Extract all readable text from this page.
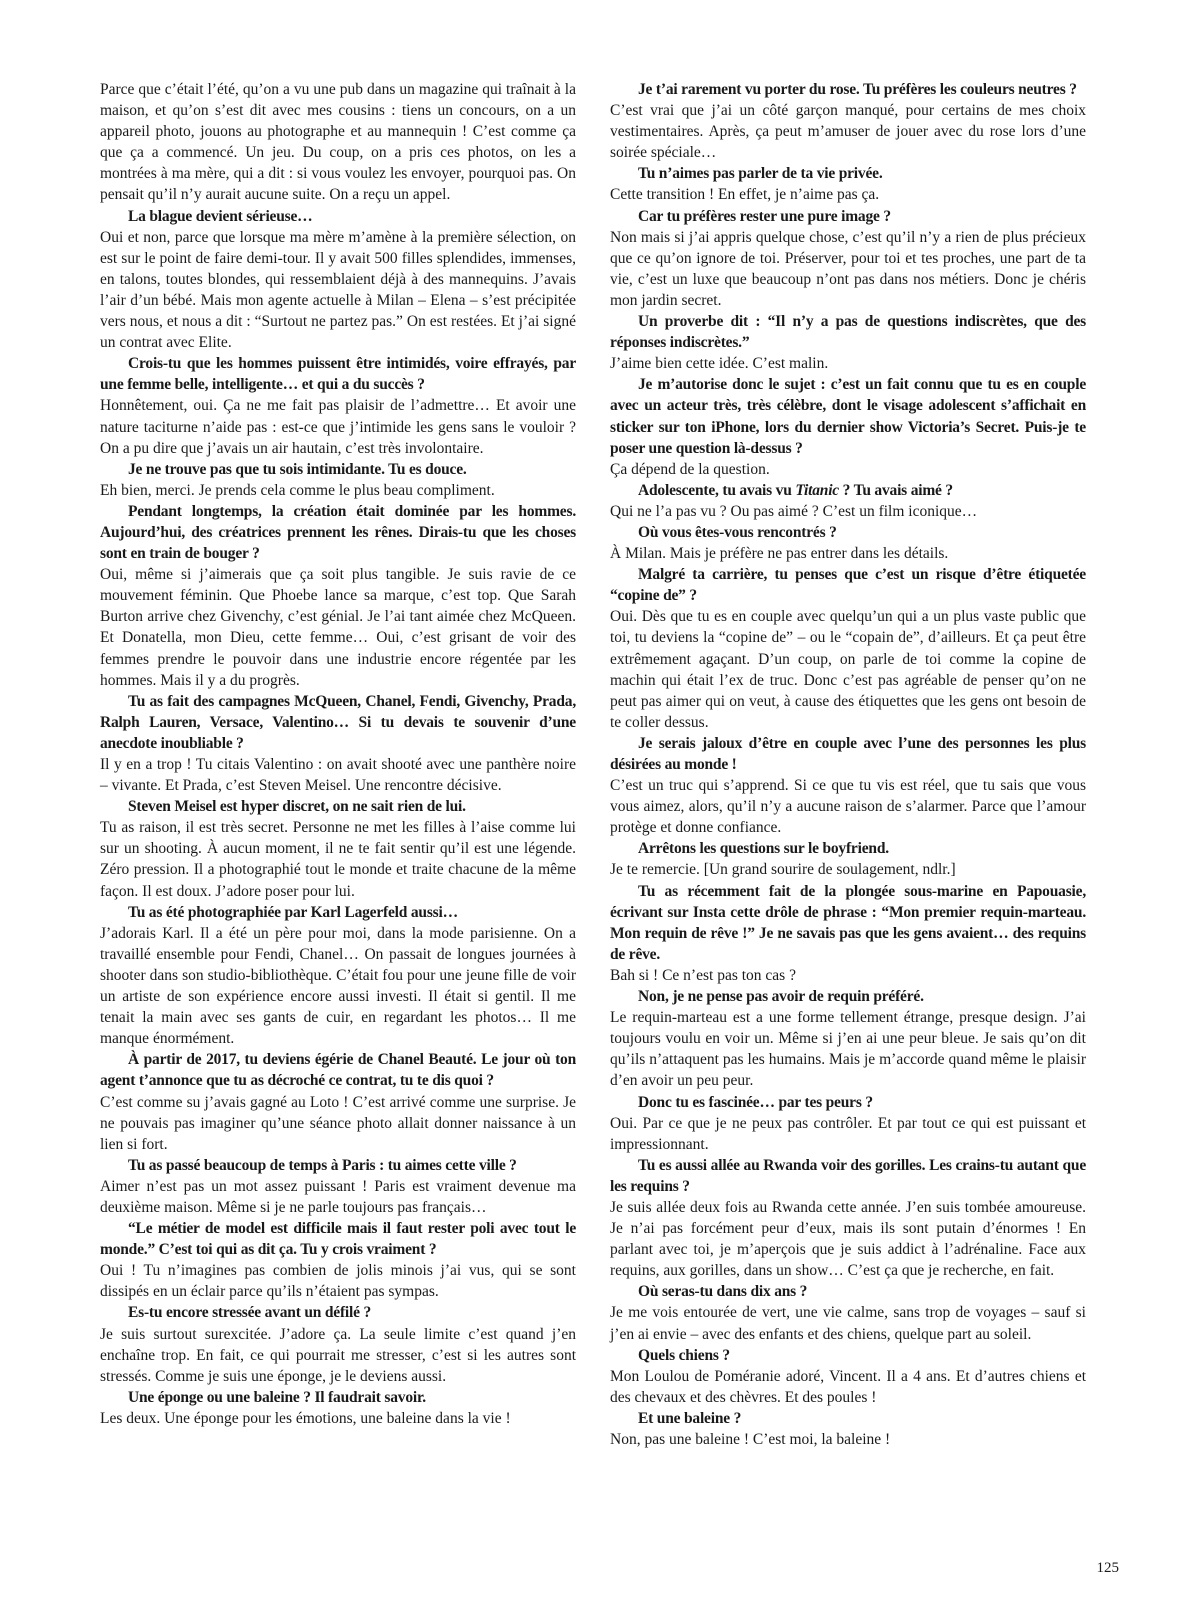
Parce que c’était l’été, qu’on a vu une pub dans un magazine qui traînait à la maison, et qu’on s’est dit avec mes cousins : tiens un concours, on a un appareil photo, jouons au photographe et au mannequin ! C’est comme ça que ça a commencé. Un jeu. Du coup, on a pris ces photos, on les a montrées à ma mère, qui a dit : si vous voulez les envoyer, pourquoi pas. On pensait qu’il n’y aurait aucune suite. On a reçu un appel.

La blague devient sérieuse…

Oui et non, parce que lorsque ma mère m’amène à la première sélection, on est sur le point de faire demi-tour. Il y avait 500 filles splendides, immenses, en talons, toutes blondes, qui ressemblaient déjà à des mannequins. J’avais l’air d’un bébé. Mais mon agente actuelle à Milan – Elena – s’est précipitée vers nous, et nous a dit : “Surtout ne partez pas.” On est restées. Et j’ai signé un contrat avec Elite.

Crois-tu que les hommes puissent être intimidés, voire effrayés, par une femme belle, intelligente… et qui a du succès ?

Honnêtement, oui. Ça ne me fait pas plaisir de l’admettre… Et avoir une nature taciturne n’aide pas : est-ce que j’intimide les gens sans le vouloir ? On a pu dire que j’avais un air hautain, c’est très involontaire.

Je ne trouve pas que tu sois intimidante. Tu es douce.

Eh bien, merci. Je prends cela comme le plus beau compliment.

Pendant longtemps, la création était dominée par les hommes. Aujourd’hui, des créatrices prennent les rênes. Dirais-tu que les choses sont en train de bouger ?

Oui, même si j’aimerais que ça soit plus tangible. Je suis ravie de ce mouvement féminin. Que Phoebe lance sa marque, c’est top. Que Sarah Burton arrive chez Givenchy, c’est génial. Je l’ai tant aimée chez McQueen. Et Donatella, mon Dieu, cette femme… Oui, c’est grisant de voir des femmes prendre le pouvoir dans une industrie encore régentée par les hommes. Mais il y a du progrès.

Tu as fait des campagnes McQueen, Chanel, Fendi, Givenchy, Prada, Ralph Lauren, Versace, Valentino… Si tu devais te souvenir d’une anecdote inoubliable ?

Il y en a trop ! Tu citais Valentino : on avait shooté avec une panthère noire – vivante. Et Prada, c’est Steven Meisel. Une rencontre décisive.

Steven Meisel est hyper discret, on ne sait rien de lui.

Tu as raison, il est très secret. Personne ne met les filles à l’aise comme lui sur un shooting. À aucun moment, il ne te fait sentir qu’il est une légende. Zéro pression. Il a photographié tout le monde et traite chacune de la même façon. Il est doux. J’adore poser pour lui.

Tu as été photographiée par Karl Lagerfeld aussi…

J’adorais Karl. Il a été un père pour moi, dans la mode parisienne. On a travaillé ensemble pour Fendi, Chanel… On passait de longues journées à shooter dans son studio-bibliothèque. C’était fou pour une jeune fille de voir un artiste de son expérience encore aussi investi. Il était si gentil. Il me tenait la main avec ses gants de cuir, en regardant les photos… Il me manque énormément.

À partir de 2017, tu deviens égérie de Chanel Beauté. Le jour où ton agent t’annonce que tu as décroché ce contrat, tu te dis quoi ?

C’est comme su j’avais gagné au Loto ! C’est arrivé comme une surprise. Je ne pouvais pas imaginer qu’une séance photo allait donner naissance à un lien si fort.

Tu as passé beaucoup de temps à Paris : tu aimes cette ville ?

Aimer n’est pas un mot assez puissant ! Paris est vraiment devenue ma deuxième maison. Même si je ne parle toujours pas français…

“Le métier de model est difficile mais il faut rester poli avec tout le monde.” C’est toi qui as dit ça. Tu y crois vraiment ?

Oui ! Tu n’imagines pas combien de jolis minois j’ai vus, qui se sont dissipés en un éclair parce qu’ils n’étaient pas sympas.

Es-tu encore stressée avant un défilé ?

Je suis surtout surexcitée. J’adore ça. La seule limite c’est quand j’en enchaîne trop. En fait, ce qui pourrait me stresser, c’est si les autres sont stressés. Comme je suis une éponge, je le deviens aussi.

Une éponge ou une baleine ? Il faudrait savoir.

Les deux. Une éponge pour les émotions, une baleine dans la vie !

Je t’ai rarement vu porter du rose. Tu préfères les couleurs neutres ?

C’est vrai que j’ai un côté garçon manqué, pour certains de mes choix vestimentaires. Après, ça peut m’amuser de jouer avec du rose lors d’une soirée spéciale…

Tu n’aimes pas parler de ta vie privée.

Cette transition ! En effet, je n’aime pas ça.

Car tu préfères rester une pure image ?

Non mais si j’ai appris quelque chose, c’est qu’il n’y a rien de plus précieux que ce qu’on ignore de toi. Préserver, pour toi et tes proches, une part de ta vie, c’est un luxe que beaucoup n’ont pas dans nos métiers. Donc je chéris mon jardin secret.

Un proverbe dit : “Il n’y a pas de questions indiscrètes, que des réponses indiscrètes.”

J’aime bien cette idée. C’est malin.

Je m’autorise donc le sujet : c’est un fait connu que tu es en couple avec un acteur très, très célèbre, dont le visage adolescent s’affichait en sticker sur ton iPhone, lors du dernier show Victoria’s Secret. Puis-je te poser une question là-dessus ?

Ça dépend de la question.

Adolescente, tu avais vu Titanic ? Tu avais aimé ?

Qui ne l’a pas vu ? Ou pas aimé ? C’est un film iconique…

Où vous êtes-vous rencontrés ?

À Milan. Mais je préfère ne pas entrer dans les détails.

Malgré ta carrière, tu penses que c’est un risque d’être étiquetée “copine de” ?

Oui. Dès que tu es en couple avec quelqu’un qui a un plus vaste public que toi, tu deviens la “copine de” – ou le “copain de”, d’ailleurs. Et ça peut être extrêmement agaçant. D’un coup, on parle de toi comme la copine de machin qui était l’ex de truc. Donc c’est pas agréable de penser qu’on ne peut pas aimer qui on veut, à cause des étiquettes que les gens ont besoin de te coller dessus.

Je serais jaloux d’être en couple avec l’une des personnes les plus désirées au monde !

C’est un truc qui s’apprend. Si ce que tu vis est réel, que tu sais que vous vous aimez, alors, qu’il n’y a aucune raison de s’alarmer. Parce que l’amour protège et donne confiance.

Arrêtons les questions sur le boyfriend.

Je te remercie. [Un grand sourire de soulagement, ndlr.]

Tu as récemment fait de la plongée sous-marine en Papouasie, écrivant sur Insta cette drôle de phrase : “Mon premier requin-marteau. Mon requin de rêve !” Je ne savais pas que les gens avaient… des requins de rêve.

Bah si ! Ce n’est pas ton cas ?

Non, je ne pense pas avoir de requin préféré.

Le requin-marteau est a une forme tellement étrange, presque design. J’ai toujours voulu en voir un. Même si j’en ai une peur bleue. Je sais qu’on dit qu’ils n’attaquent pas les humains. Mais je m’accorde quand même le plaisir d’en avoir un peu peur.

Donc tu es fascinée… par tes peurs ?

Oui. Par ce que je ne peux pas contrôler. Et par tout ce qui est puissant et impressionnant.

Tu es aussi allée au Rwanda voir des gorilles. Les crains-tu autant que les requins ?

Je suis allée deux fois au Rwanda cette année. J’en suis tombée amoureuse. Je n’ai pas forcément peur d’eux, mais ils sont putain d’énormes ! En parlant avec toi, je m’aperçois que je suis addict à l’adrénaline. Face aux requins, aux gorilles, dans un show… C’est ça que je recherche, en fait.

Où seras-tu dans dix ans ?

Je me vois entourée de vert, une vie calme, sans trop de voyages – sauf si j’en ai envie – avec des enfants et des chiens, quelque part au soleil.

Quels chiens ?

Mon Loulou de Poméranie adoré, Vincent. Il a 4 ans. Et d’autres chiens et des chevaux et des chèvres. Et des poules !

Et une baleine ?

Non, pas une baleine ! C’est moi, la baleine !

125
